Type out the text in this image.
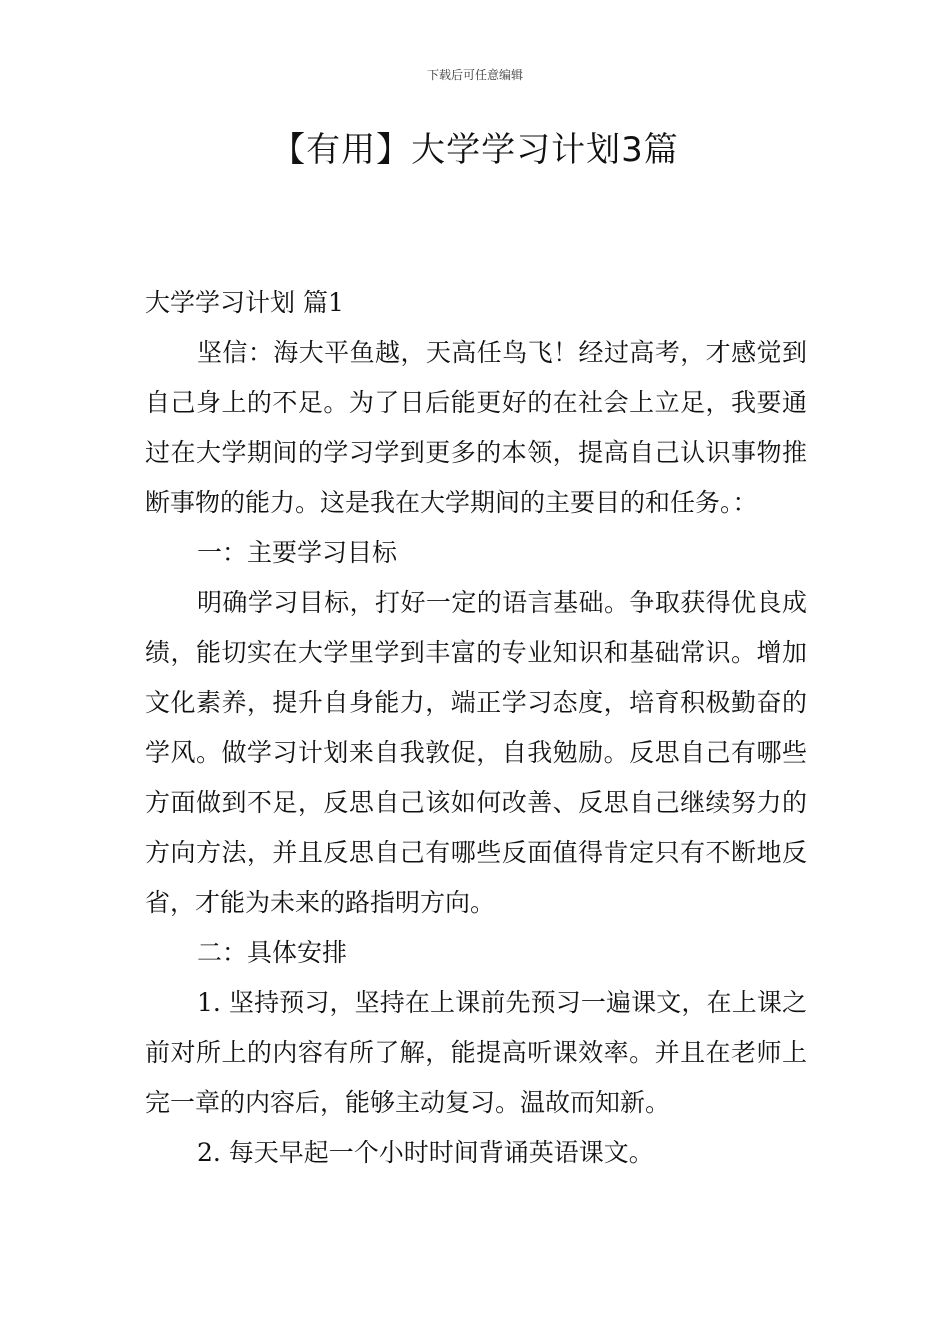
下载后可任意编辑
【有用】大学学习计划3篇

大学学习计划 篇1

坚信：海大平鱼越，天高任鸟飞！经过高考，才感觉到自己身上的不足。为了日后能更好的在社会上立足，我要通过在大学期间的学习学到更多的本领，提高自己认识事物推断事物的能力。这是我在大学期间的主要目的和任务。：

一：主要学习目标

明确学习目标，打好一定的语言基础。争取获得优良成绩，能切实在大学里学到丰富的专业知识和基础常识。增加文化素养，提升自身能力，端正学习态度，培育积极勤奋的学风。做学习计划来自我敦促，自我勉励。反思自己有哪些方面做到不足，反思自己该如何改善、反思自己继续努力的方向方法，并且反思自己有哪些反面值得肯定只有不断地反省，才能为未来的路指明方向。

二：具体安排

1. 坚持预习，坚持在上课前先预习一遍课文，在上课之前对所上的内容有所了解，能提高听课效率。并且在老师上完一章的内容后，能够主动复习。温故而知新。

2. 每天早起一个小时时间背诵英语课文。
